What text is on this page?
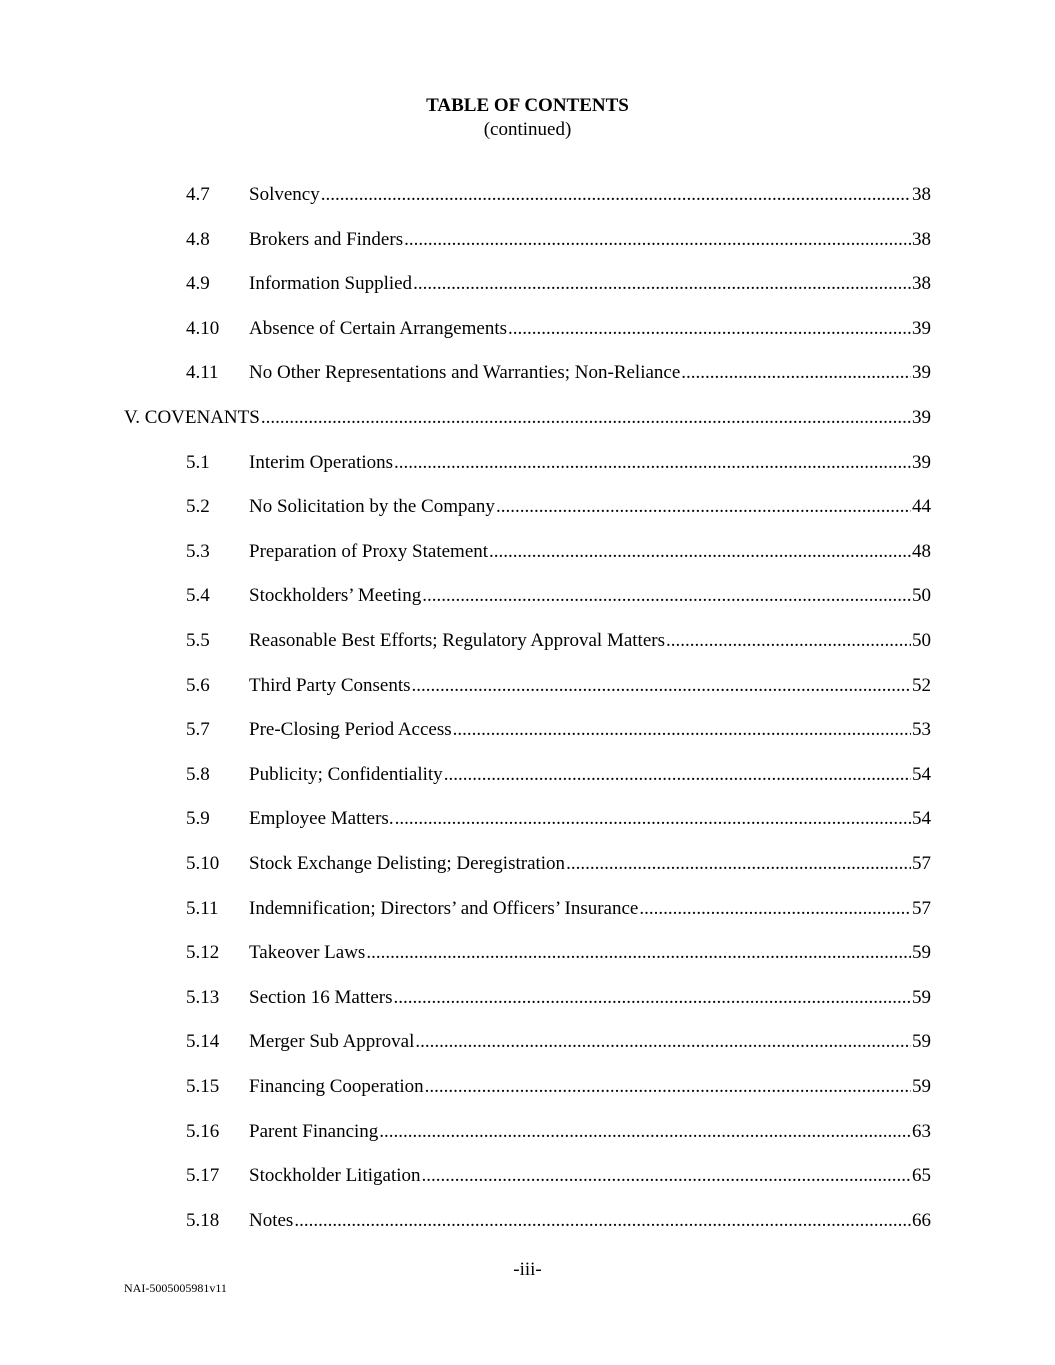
TABLE OF CONTENTS
(continued)
4.7 Solvency .....	38
4.8 Brokers and Finders .....	38
4.9 Information Supplied .....	38
4.10 Absence of Certain Arrangements .....	39
4.11 No Other Representations and Warranties; Non-Reliance .....	39
V. COVENANTS .....	39
5.1 Interim Operations .....	39
5.2 No Solicitation by the Company .....	44
5.3 Preparation of Proxy Statement .....	48
5.4 Stockholders’ Meeting .....	50
5.5 Reasonable Best Efforts; Regulatory Approval Matters .....	50
5.6 Third Party Consents .....	52
5.7 Pre-Closing Period Access .....	53
5.8 Publicity; Confidentiality .....	54
5.9 Employee Matters. .....	54
5.10 Stock Exchange Delisting; Deregistration .....	57
5.11 Indemnification; Directors’ and Officers’ Insurance .....	57
5.12 Takeover Laws .....	59
5.13 Section 16 Matters .....	59
5.14 Merger Sub Approval .....	59
5.15 Financing Cooperation .....	59
5.16 Parent Financing .....	63
5.17 Stockholder Litigation .....	65
5.18 Notes .....	66
-iii-
NAI-5005005981v11
